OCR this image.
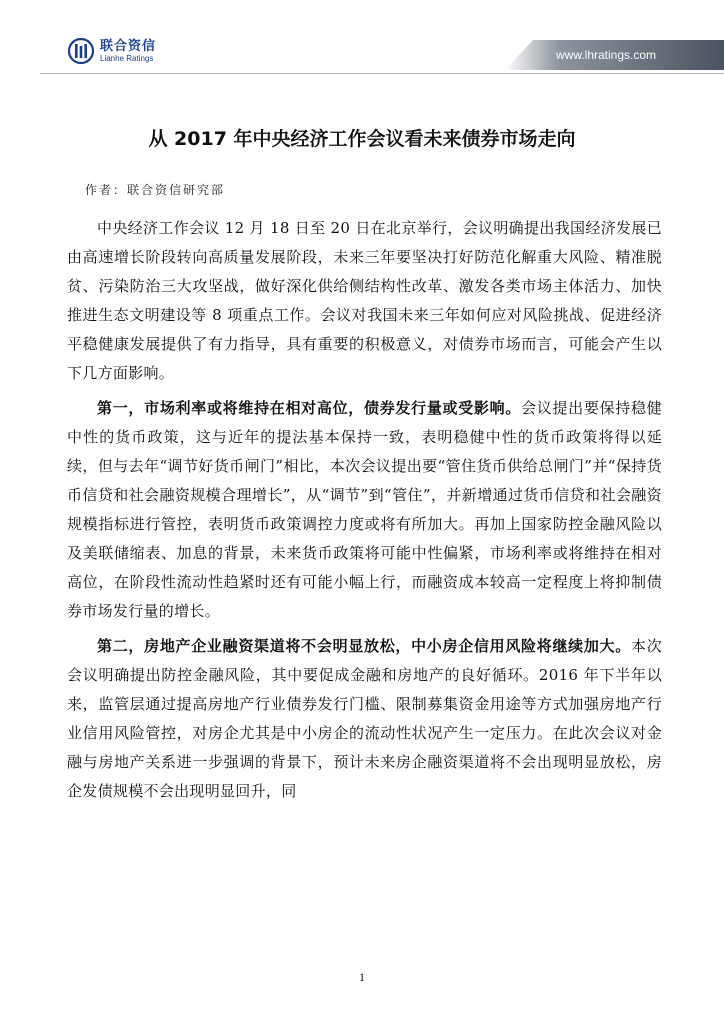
联合资信
Lianhe Ratings	www.lhratings.com
从 2017 年中央经济工作会议看未来债券市场走向
作者：联合资信研究部

中央经济工作会议 12 月 18 日至 20 日在北京举行，会议明确提出我国经济发展已由高速增长阶段转向高质量发展阶段，未来三年要坚决打好防范化解重大风险、精准脱贫、污染防治三大攻坚战，做好深化供给侧结构性改革、激发各类市场主体活力、加快推进生态文明建设等 8 项重点工作。会议对我国未来三年如何应对风险挑战、促进经济平稳健康发展提供了有力指导，具有重要的积极意义，对债券市场而言，可能会产生以下几方面影响。

第一，市场利率或将维持在相对高位，债券发行量或受影响。会议提出要保持稳健中性的货币政策，这与近年的提法基本保持一致，表明稳健中性的货币政策将得以延续，但与去年“调节好货币闸门”相比，本次会议提出要“管住货币供给总闸门”并“保持货币信贷和社会融资规模合理增长”，从“调节”到“管住”，并新增通过货币信贷和社会融资规模指标进行管控，表明货币政策调控力度或将有所加大。再加上国家防控金融风险以及美联储缩表、加息的背景，未来货币政策将可能中性偏紧，市场利率或将维持在相对高位，在阶段性流动性趋紧时还有可能小幅上行，而融资成本较高一定程度上将抑制债券市场发行量的增长。

第二，房地产企业融资渠道将不会明显放松，中小房企信用风险将继续加大。本次会议明确提出防控金融风险，其中要促成金融和房地产的良好循环。2016 年下半年以来，监管层通过提高房地产行业债券发行门槛、限制募集资金用途等方式加强房地产行业信用风险管控，对房企尤其是中小房企的流动性状况产生一定压力。在此次会议对金融与房地产关系进一步强调的背景下，预计未来房企融资渠道将不会出现明显放松，房企发债规模不会出现明显回升，同

1
